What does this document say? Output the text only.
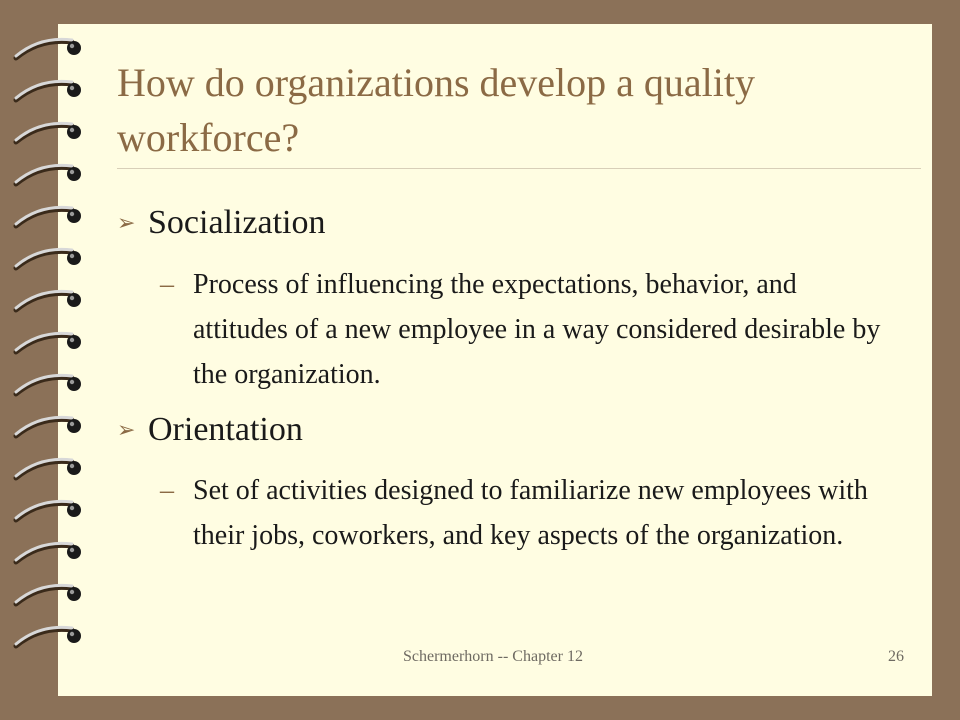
How do organizations develop a quality workforce?
➢ Socialization
– Process of influencing the expectations, behavior, and attitudes of a new employee in a way considered desirable by the organization.
➢ Orientation
– Set of activities designed to familiarize new employees with their jobs, coworkers, and key aspects of the organization.
Schermerhorn -- Chapter 12	26
